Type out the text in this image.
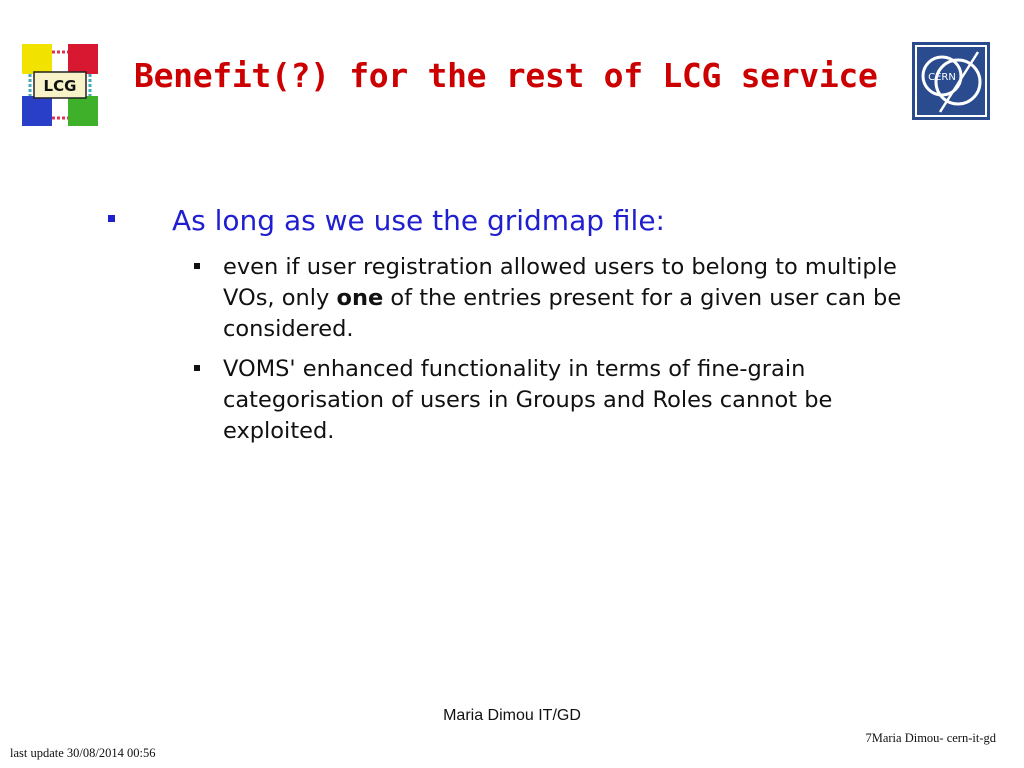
LCG Benefit(?) for the rest of LCG service	CERN
As long as we use the gridmap file:
even if user registration allowed users to belong to multiple VOs, only one of the entries present for a given user can be considered.
VOMS' enhanced functionality in terms of fine-grain categorisation of users in Groups and Roles cannot be exploited.
Maria Dimou IT/GD
7Maria Dimou- cern-it-gd
last update 30/08/2014 00:56
